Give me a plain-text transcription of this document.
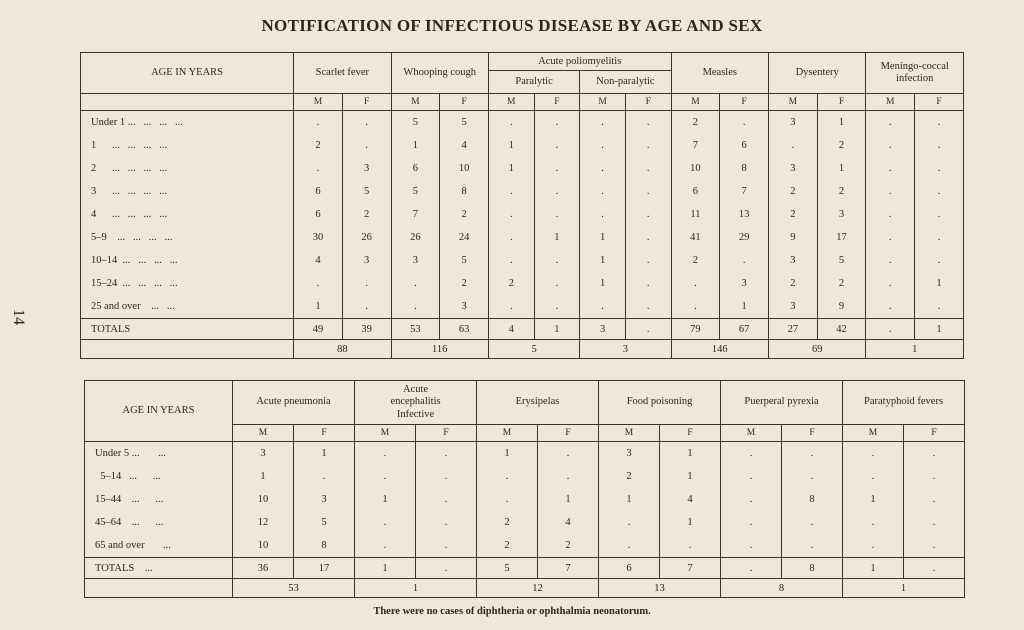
NOTIFICATION OF INFECTIOUS DISEASE BY AGE AND SEX
14
AGE IN YEARS	Scarlet fever		Whooping cough		Acute poliomyelitis				Measles		Dysentery		Meningo-coccal infection	
					Paralytic		Non-paralytic							
	M	F	M	F	M	F	M	F	M	F	M	F	M	F
Under 1 ...   ...   ...   ...	.	.	5	5	.	.	.	.	2	.	3	1	.	.
1      ...   ...   ...   ...	2	.	1	4	1	.	.	.	7	6	.	2	.	.
2      ...   ...   ...   ...	.	3	6	10	1	.	.	.	10	8	3	1	.	.
3      ...   ...   ...   ...	6	5	5	8	.	.	.	.	6	7	2	2	.	.
4      ...   ...   ...   ...	6	2	7	2	.	.	.	.	11	13	2	3	.	.
5–9    ...   ...   ...   ...	30	26	26	24	.	1	1	.	41	29	9	17	.	.
10–14  ...   ...   ...   ...	4	3	3	5	.	.	1	.	2	.	3	5	.	.
15–24  ...   ...   ...   ...	.	.	.	2	2	.	1	.	.	3	2	2	.	1
25 and over    ...   ...	1	.	.	3	.	.	.	.	.	1	3	9	.	.
TOTALS	49	39	53	63	4	1	3	.	79	67	27	42	.	1
	88		116		5		3		146		69		1	
AGE IN YEARS	Acute pneumonia		Acute encephalitis Infective		Erysipelas		Food poisoning		Puerperal pyrexia		Paratyphoid fevers	
	M	F	M	F	M	F	M	F	M	F	M	F
Under 5 ...       ...	3	1	.	.	1	.	3	1	.	.	.	.
5–14   ...      ...	1	.	.	.	.	.	2	1	.	.	.	.
15–44    ...      ...	10	3	1	.	.	1	1	4	.	8	1	.
45–64    ...      ...	12	5	.	.	2	4	.	1	.	.	.	.
65 and over       ...	10	8	.	.	2	2	.	.	.	.	.	.
TOTALS    ...	36	17	1	.	5	7	6	7	.	8	1	.
	53		1		12		13		8		1	
There were no cases of diphtheria or ophthalmia neonatorum.
